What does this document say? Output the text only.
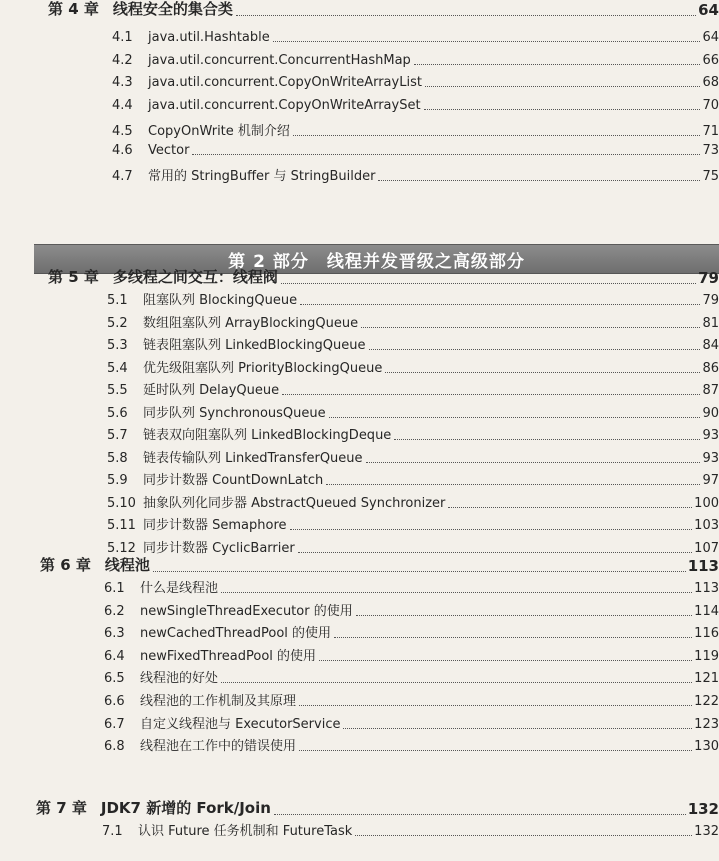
第 4 章 线程安全的集合类	64
4.1	java.util.Hashtable	64
4.2	java.util.concurrent.ConcurrentHashMap	66
4.3	java.util.concurrent.CopyOnWriteArrayList	68
4.4	java.util.concurrent.CopyOnWriteArraySet	70
4.5	CopyOnWrite 机制介绍	71
4.6	Vector	73
4.7	常用的 StringBuffer 与 StringBuilder	75
第 2 部分　线程并发晋级之高级部分
第 5 章 多线程之间交互：线程阀	79
5.1	阻塞队列 BlockingQueue	79
5.2	数组阻塞队列 ArrayBlockingQueue	81
5.3	链表阻塞队列 LinkedBlockingQueue	84
5.4	优先级阻塞队列 PriorityBlockingQueue	86
5.5	延时队列 DelayQueue	87
5.6	同步队列 SynchronousQueue	90
5.7	链表双向阻塞队列 LinkedBlockingDeque	93
5.8	链表传输队列 LinkedTransferQueue	93
5.9	同步计数器 CountDownLatch	97
5.10 抽象队列化同步器 AbstractQueued Synchronizer	100
5.11 同步计数器 Semaphore	103
5.12 同步计数器 CyclicBarrier	107
第 6 章 线程池	113
6.1	什么是线程池	113
6.2	newSingleThreadExecutor 的使用	114
6.3	newCachedThreadPool 的使用	116
6.4	newFixedThreadPool 的使用	119
6.5	线程池的好处	121
6.6	线程池的工作机制及其原理	122
6.7	自定义线程池与 ExecutorService	123
6.8	线程池在工作中的错误使用	130
第 7 章 JDK7 新增的 Fork/Join	132
7.1	认识 Future 任务机制和 FutureTask	132
